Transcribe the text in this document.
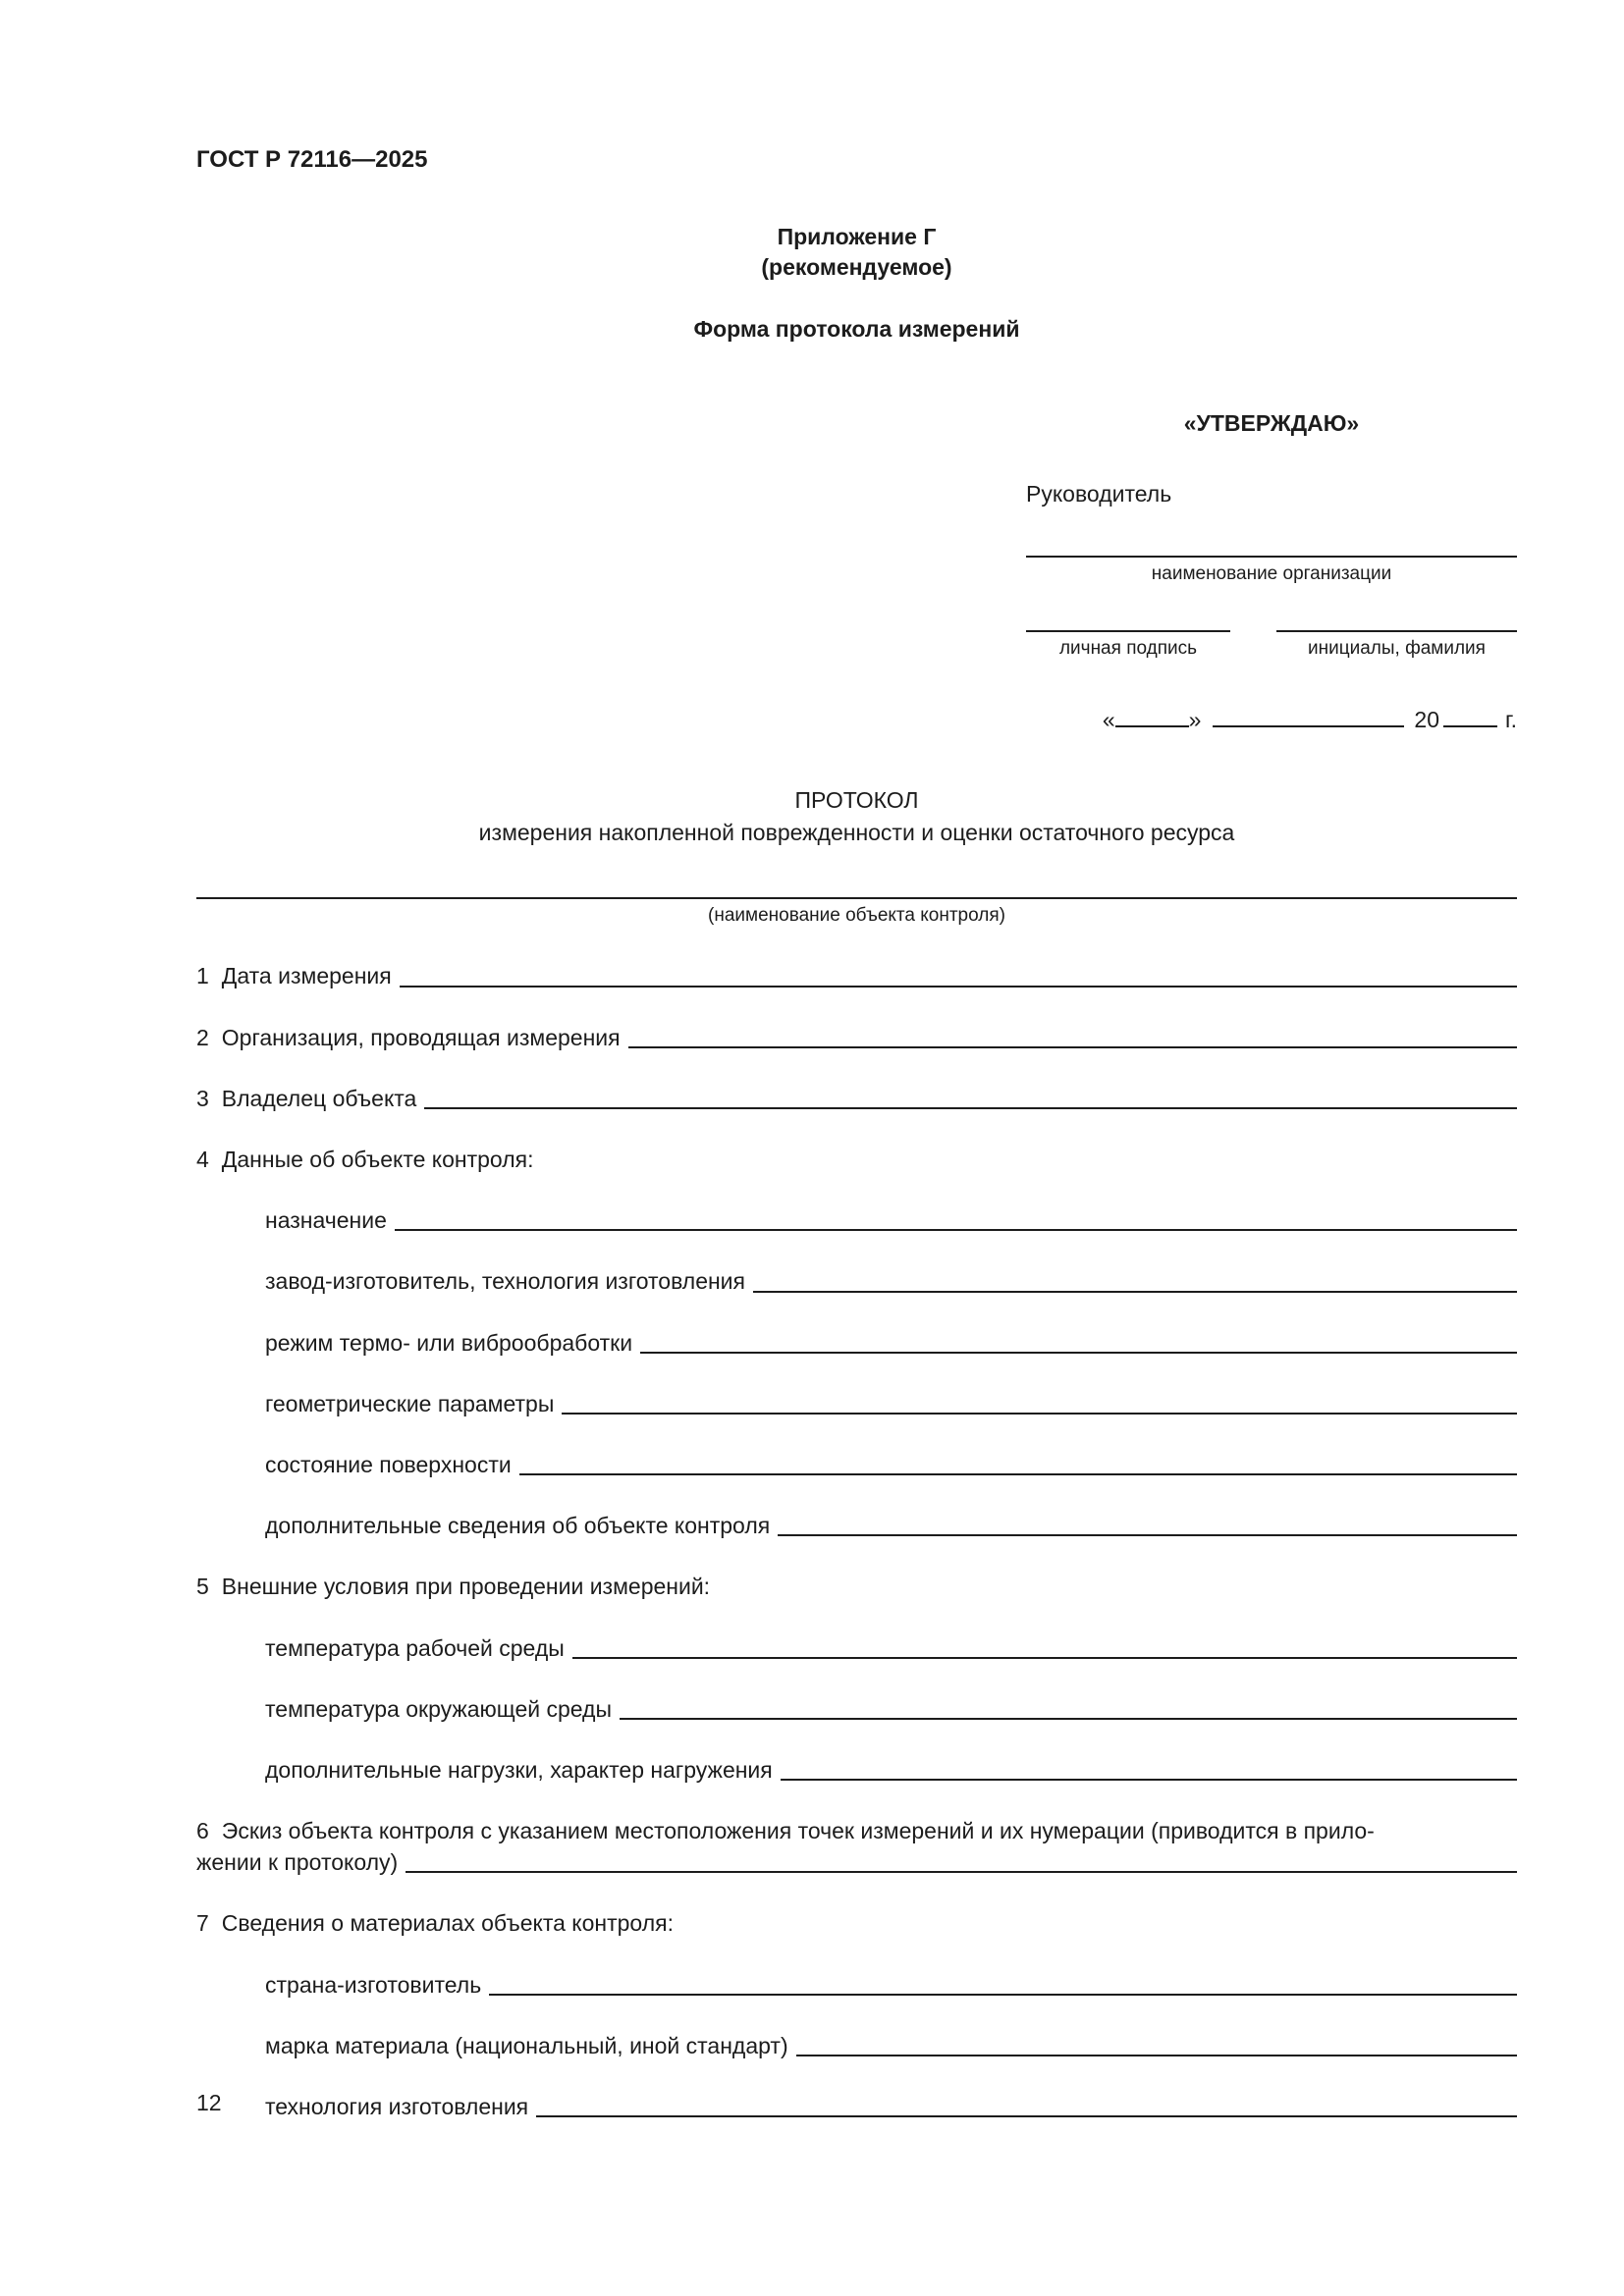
ГОСТ Р 72116—2025
Приложение Г
(рекомендуемое)
Форма протокола измерений
«УТВЕРЖДАЮ»
Руководитель
наименование организации
личная подпись	инициалы, фамилия
«	»	20	г.
ПРОТОКОЛ
измерения накопленной поврежденности и оценки остаточного ресурса
(наименование объекта контроля)
1 Дата измерения
2 Организация, проводящая измерения
3 Владелец объекта
4 Данные об объекте контроля:
назначение
завод-изготовитель, технология изготовления
режим термо- или виброобработки
геометрические параметры
состояние поверхности
дополнительные сведения об объекте контроля
5 Внешние условия при проведении измерений:
температура рабочей среды
температура окружающей среды
дополнительные нагрузки, характер нагружения
6 Эскиз объекта контроля с указанием местоположения точек измерений и их нумерации (приводится в прило-
жении к протоколу)
7 Сведения о материалах объекта контроля:
страна-изготовитель
марка материала (национальный, иной стандарт)
технология изготовления
12
